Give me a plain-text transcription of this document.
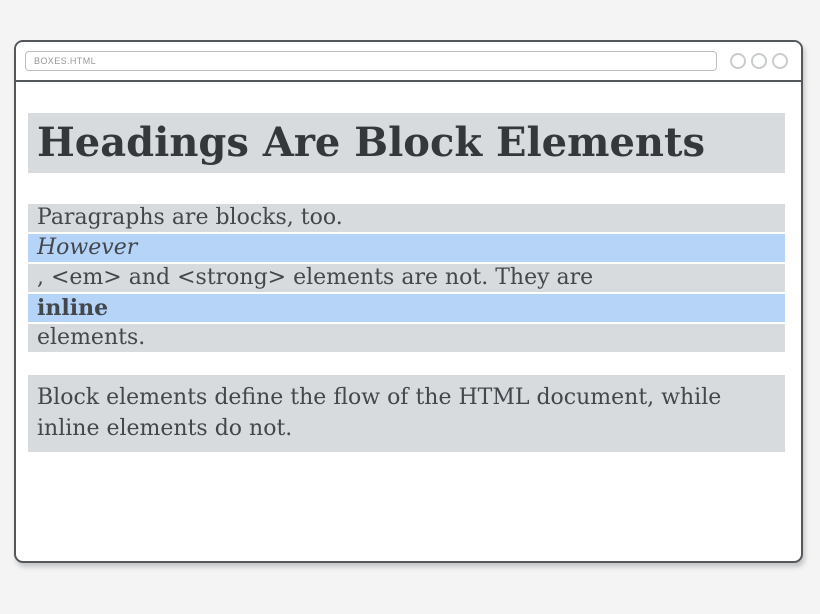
BOXES.HTML
Headings Are Block Elements
Paragraphs are blocks, too.
However
, <em> and <strong> elements are not. They are
inline
elements.
Block elements define the flow of the HTML document, while inline elements do not.
